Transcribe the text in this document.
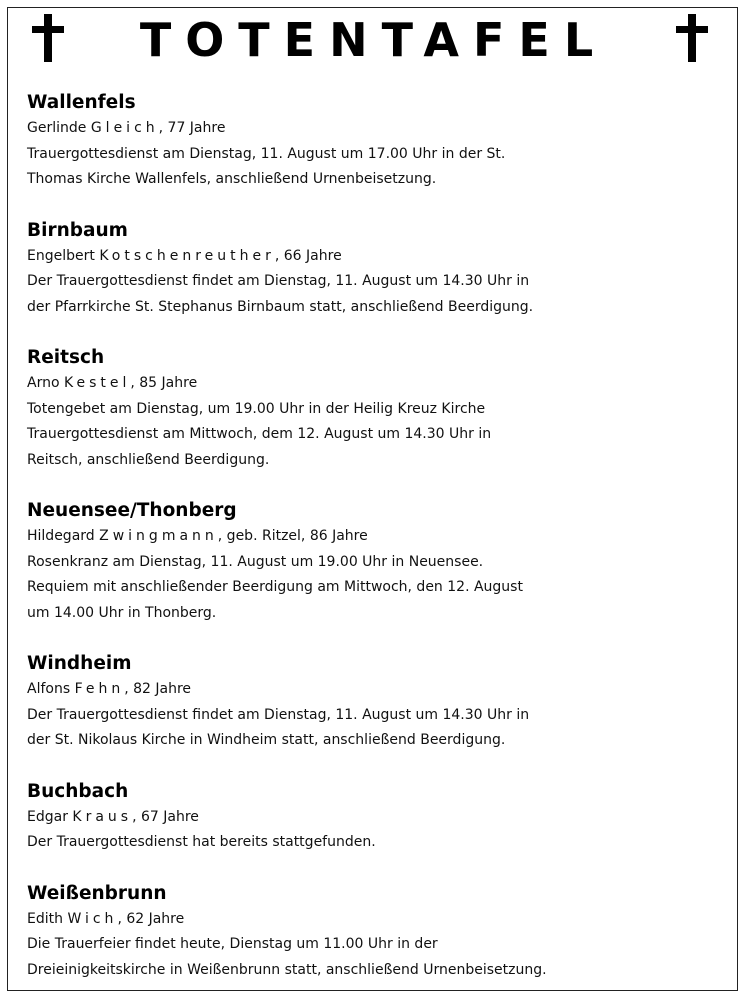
TOTENTAFEL
Wallenfels
Gerlinde Gleich, 77 Jahre
Trauergottesdienst am Dienstag, 11. August um 17.00 Uhr in der St.
Thomas Kirche Wallenfels, anschließend Urnenbeisetzung.
Birnbaum
Engelbert Kotschenreuther, 66 Jahre
Der Trauergottesdienst findet am Dienstag, 11. August um 14.30 Uhr in
der Pfarrkirche St. Stephanus Birnbaum statt, anschließend Beerdigung.
Reitsch
Arno Kestel, 85 Jahre
Totengebet am Dienstag, um 19.00 Uhr in der Heilig Kreuz Kirche
Trauergottesdienst am Mittwoch, dem 12. August um 14.30 Uhr in
Reitsch, anschließend Beerdigung.
Neuensee/Thonberg
Hildegard Zwingmann, geb. Ritzel, 86 Jahre
Rosenkranz am Dienstag, 11. August um 19.00 Uhr in Neuensee.
Requiem mit anschließender Beerdigung am Mittwoch, den 12. August
um 14.00 Uhr in Thonberg.
Windheim
Alfons Fehn, 82 Jahre
Der Trauergottesdienst findet am Dienstag, 11. August um 14.30 Uhr in
der St. Nikolaus Kirche in Windheim statt, anschließend Beerdigung.
Buchbach
Edgar Kraus, 67 Jahre
Der Trauergottesdienst hat bereits stattgefunden.
Weißenbrunn
Edith Wich, 62 Jahre
Die Trauerfeier findet heute, Dienstag um 11.00 Uhr in der
Dreieinigkeitskirche in Weißenbrunn statt, anschließend Urnenbeisetzung.
